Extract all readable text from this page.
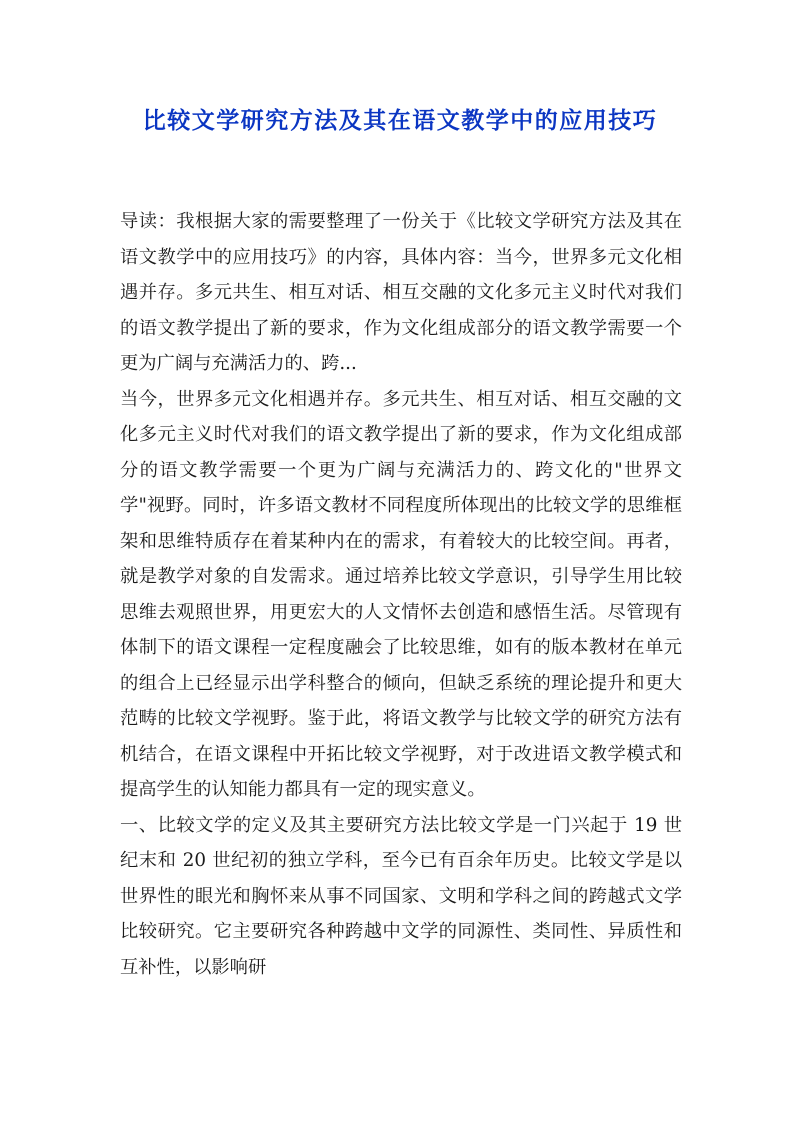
比较文学研究方法及其在语文教学中的应用技巧

导读：我根据大家的需要整理了一份关于《比较文学研究方法及其在语文教学中的应用技巧》的内容，具体内容：当今，世界多元文化相遇并存。多元共生、相互对话、相互交融的文化多元主义时代对我们的语文教学提出了新的要求，作为文化组成部分的语文教学需要一个更为广阔与充满活力的、跨...

当今，世界多元文化相遇并存。多元共生、相互对话、相互交融的文化多元主义时代对我们的语文教学提出了新的要求，作为文化组成部分的语文教学需要一个更为广阔与充满活力的、跨文化的"世界文学"视野。同时，许多语文教材不同程度所体现出的比较文学的思维框架和思维特质存在着某种内在的需求，有着较大的比较空间。再者，就是教学对象的自发需求。通过培养比较文学意识，引导学生用比较思维去观照世界，用更宏大的人文情怀去创造和感悟生活。尽管现有体制下的语文课程一定程度融会了比较思维，如有的版本教材在单元的组合上已经显示出学科整合的倾向，但缺乏系统的理论提升和更大范畴的比较文学视野。鉴于此，将语文教学与比较文学的研究方法有机结合，在语文课程中开拓比较文学视野，对于改进语文教学模式和提高学生的认知能力都具有一定的现实意义。

一、比较文学的定义及其主要研究方法比较文学是一门兴起于 19 世纪末和 20 世纪初的独立学科，至今已有百余年历史。比较文学是以世界性的眼光和胸怀来从事不同国家、文明和学科之间的跨越式文学比较研究。它主要研究各种跨越中文学的同源性、类同性、异质性和互补性，以影响研
